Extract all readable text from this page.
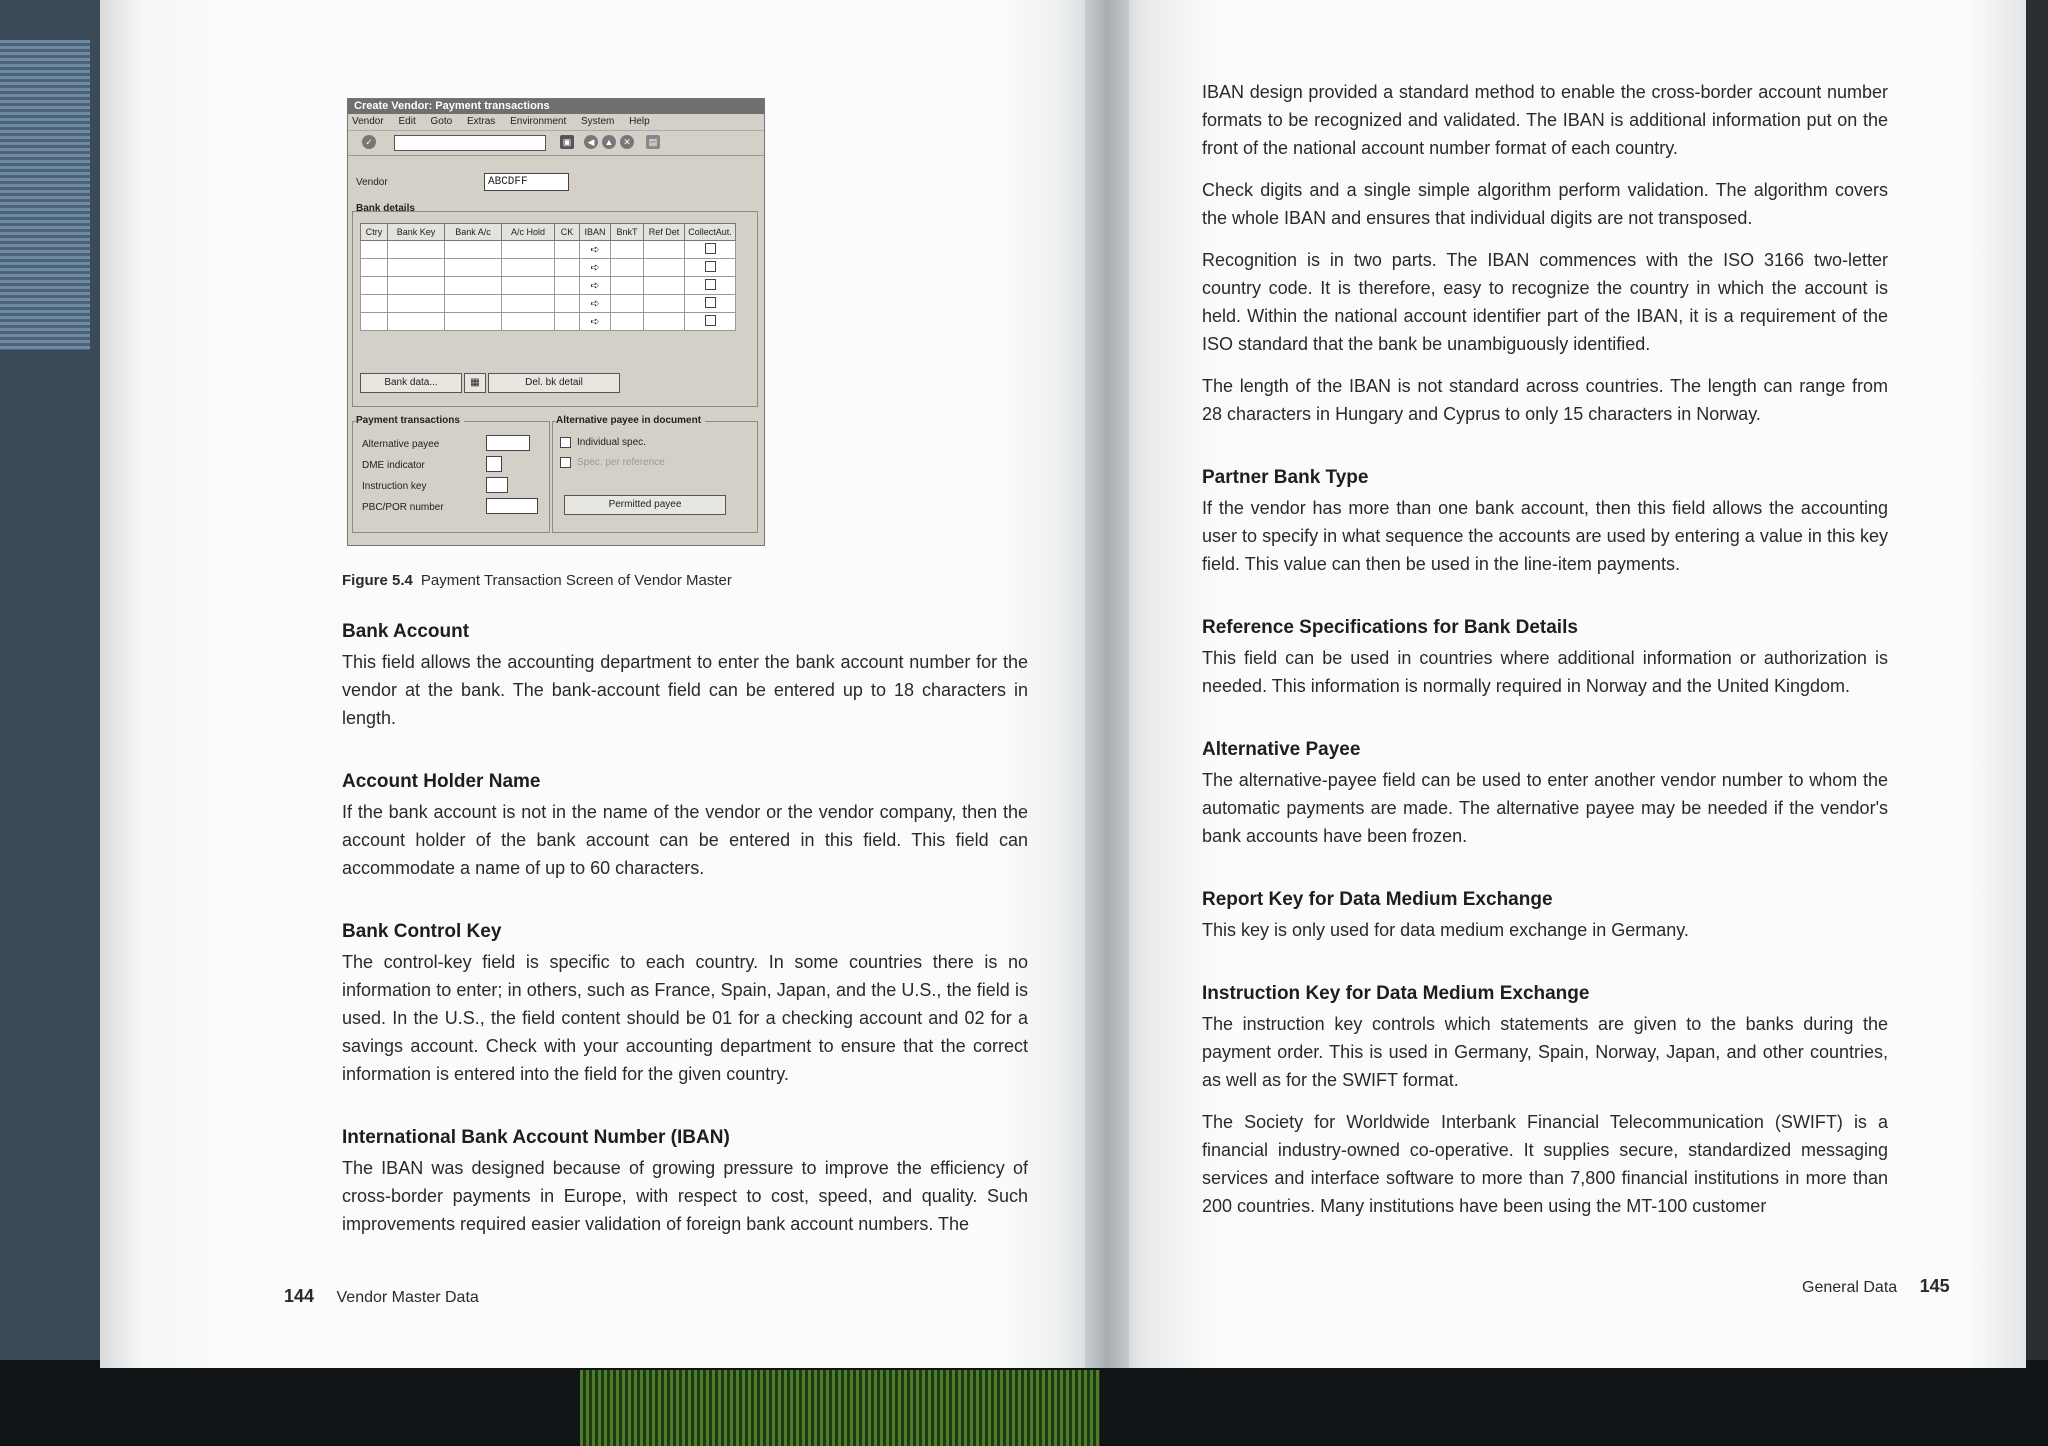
Create Vendor: Payment transactions
Vendor Edit Goto Extras Environment System Help
✓	▣	◀	▲	✕	▤
Vendor	ABCDFF
Bank details
Ctry	Bank Key	Bank A/c	A/c Hold	CK	IBAN	BnkT	Ref Det	CollectAut.
					➪			
					➪			
					➪			
					➪			
					➪			
Bank data...	▦	Del. bk detail
Payment transactions
Alternative payee
DME indicator
Instruction key
PBC/POR number
Alternative payee in document
Individual spec.
Spec. per reference
Permitted payee
Figure 5.4 Payment Transaction Screen of Vendor Master
Bank Account
This field allows the accounting department to enter the bank account number for the vendor at the bank. The bank-account field can be entered up to 18 characters in length.
Account Holder Name
If the bank account is not in the name of the vendor or the vendor company, then the account holder of the bank account can be entered in this field. This field can accommodate a name of up to 60 characters.
Bank Control Key
The control-key field is specific to each country. In some countries there is no information to enter; in others, such as France, Spain, Japan, and the U.S., the field is used. In the U.S., the field content should be 01 for a checking account and 02 for a savings account. Check with your accounting department to ensure that the correct information is entered into the field for the given country.
International Bank Account Number (IBAN)
The IBAN was designed because of growing pressure to improve the efficiency of cross-border payments in Europe, with respect to cost, speed, and quality. Such improvements required easier validation of foreign bank account numbers. The
144 Vendor Master Data
IBAN design provided a standard method to enable the cross-border account number formats to be recognized and validated. The IBAN is additional information put on the front of the national account number format of each country.
Check digits and a single simple algorithm perform validation. The algorithm covers the whole IBAN and ensures that individual digits are not transposed.
Recognition is in two parts. The IBAN commences with the ISO 3166 two-letter country code. It is therefore, easy to recognize the country in which the account is held. Within the national account identifier part of the IBAN, it is a requirement of the ISO standard that the bank be unambiguously identified.
The length of the IBAN is not standard across countries. The length can range from 28 characters in Hungary and Cyprus to only 15 characters in Norway.
Partner Bank Type
If the vendor has more than one bank account, then this field allows the accounting user to specify in what sequence the accounts are used by entering a value in this key field. This value can then be used in the line-item payments.
Reference Specifications for Bank Details
This field can be used in countries where additional information or authorization is needed. This information is normally required in Norway and the United Kingdom.
Alternative Payee
The alternative-payee field can be used to enter another vendor number to whom the automatic payments are made. The alternative payee may be needed if the vendor's bank accounts have been frozen.
Report Key for Data Medium Exchange
This key is only used for data medium exchange in Germany.
Instruction Key for Data Medium Exchange
The instruction key controls which statements are given to the banks during the payment order. This is used in Germany, Spain, Norway, Japan, and other countries, as well as for the SWIFT format.
The Society for Worldwide Interbank Financial Telecommunication (SWIFT) is a financial industry-owned co-operative. It supplies secure, standardized messaging services and interface software to more than 7,800 financial institutions in more than 200 countries. Many institutions have been using the MT-100 customer
General Data 145
